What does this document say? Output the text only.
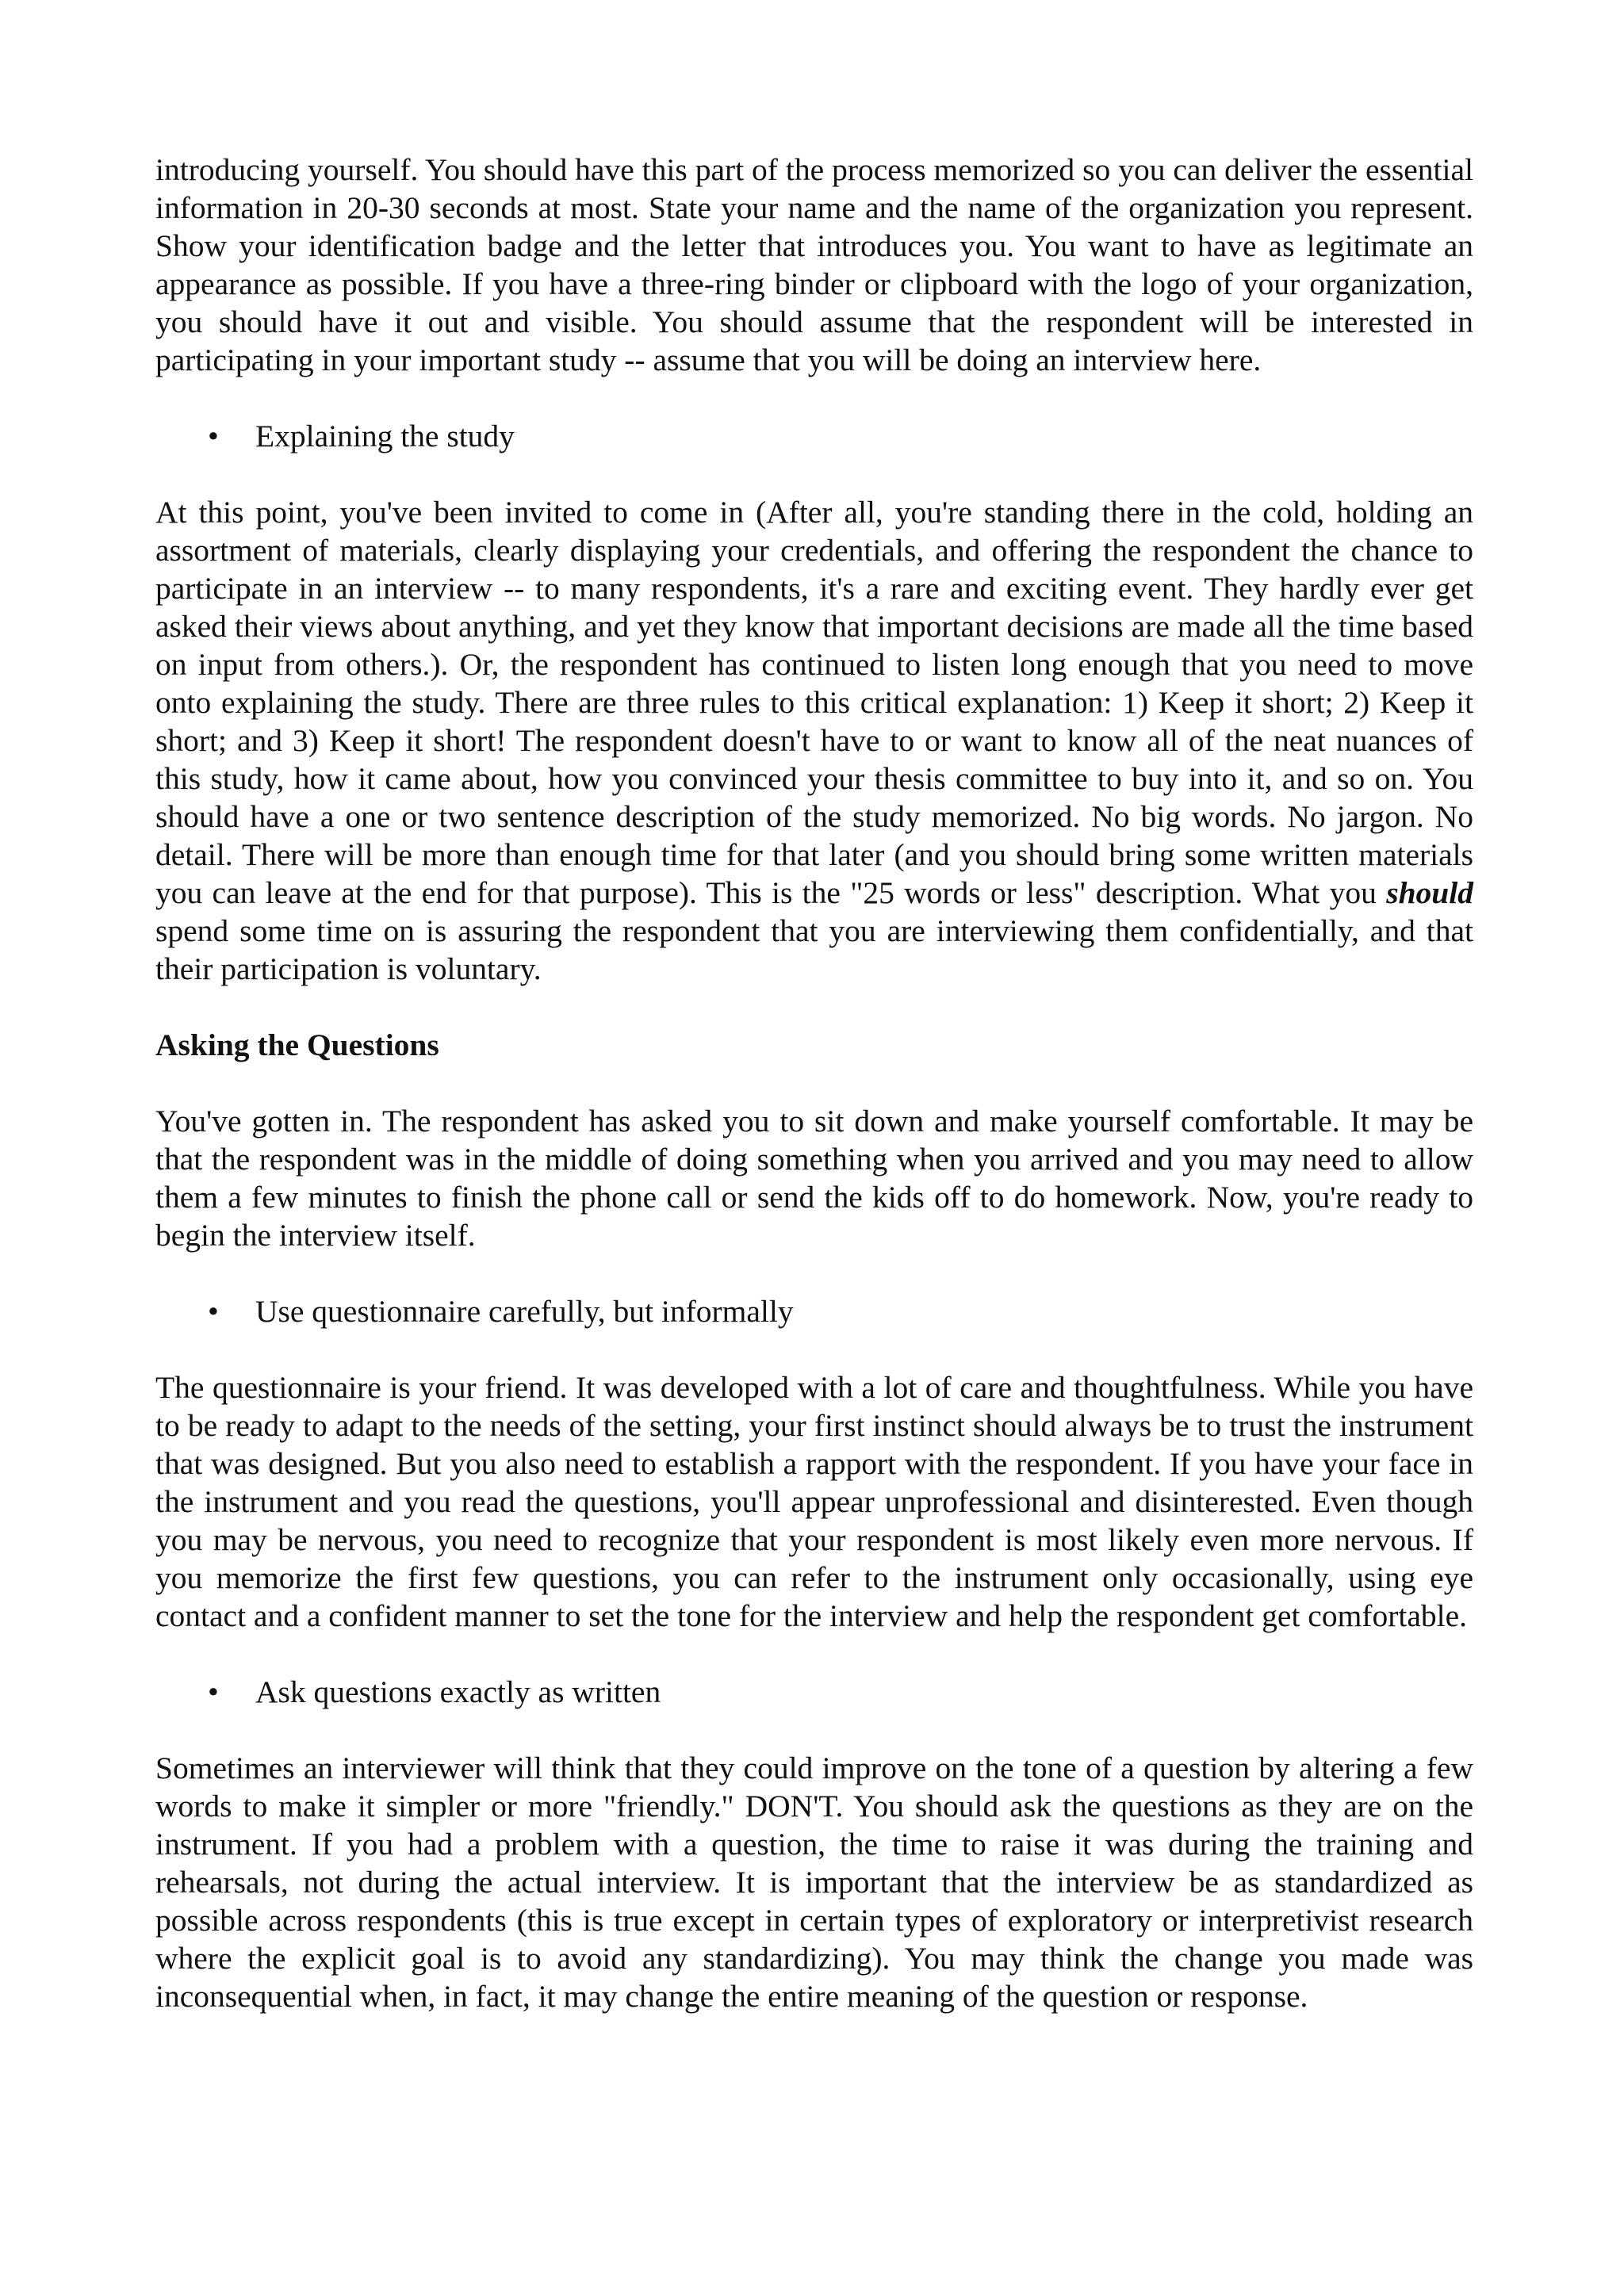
introducing yourself. You should have this part of the process memorized so you can deliver the essential information in 20-30 seconds at most. State your name and the name of the organization you represent. Show your identification badge and the letter that introduces you. You want to have as legitimate an appearance as possible. If you have a three-ring binder or clipboard with the logo of your organization, you should have it out and visible. You should assume that the respondent will be interested in participating in your important study -- assume that you will be doing an interview here.

• Explaining the study

At this point, you've been invited to come in (After all, you're standing there in the cold, holding an assortment of materials, clearly displaying your credentials, and offering the respondent the chance to participate in an interview -- to many respondents, it's a rare and exciting event. They hardly ever get asked their views about anything, and yet they know that important decisions are made all the time based on input from others.). Or, the respondent has continued to listen long enough that you need to move onto explaining the study. There are three rules to this critical explanation: 1) Keep it short; 2) Keep it short; and 3) Keep it short! The respondent doesn't have to or want to know all of the neat nuances of this study, how it came about, how you convinced your thesis committee to buy into it, and so on. You should have a one or two sentence description of the study memorized. No big words. No jargon. No detail. There will be more than enough time for that later (and you should bring some written materials you can leave at the end for that purpose). This is the "25 words or less" description. What you should spend some time on is assuring the respondent that you are interviewing them confidentially, and that their participation is voluntary.

Asking the Questions

You've gotten in. The respondent has asked you to sit down and make yourself comfortable. It may be that the respondent was in the middle of doing something when you arrived and you may need to allow them a few minutes to finish the phone call or send the kids off to do homework. Now, you're ready to begin the interview itself.

• Use questionnaire carefully, but informally

The questionnaire is your friend. It was developed with a lot of care and thoughtfulness. While you have to be ready to adapt to the needs of the setting, your first instinct should always be to trust the instrument that was designed. But you also need to establish a rapport with the respondent. If you have your face in the instrument and you read the questions, you'll appear unprofessional and disinterested. Even though you may be nervous, you need to recognize that your respondent is most likely even more nervous. If you memorize the first few questions, you can refer to the instrument only occasionally, using eye contact and a confident manner to set the tone for the interview and help the respondent get comfortable.

• Ask questions exactly as written

Sometimes an interviewer will think that they could improve on the tone of a question by altering a few words to make it simpler or more "friendly." DON'T. You should ask the questions as they are on the instrument. If you had a problem with a question, the time to raise it was during the training and rehearsals, not during the actual interview. It is important that the interview be as standardized as possible across respondents (this is true except in certain types of exploratory or interpretivist research where the explicit goal is to avoid any standardizing). You may think the change you made was inconsequential when, in fact, it may change the entire meaning of the question or response.
